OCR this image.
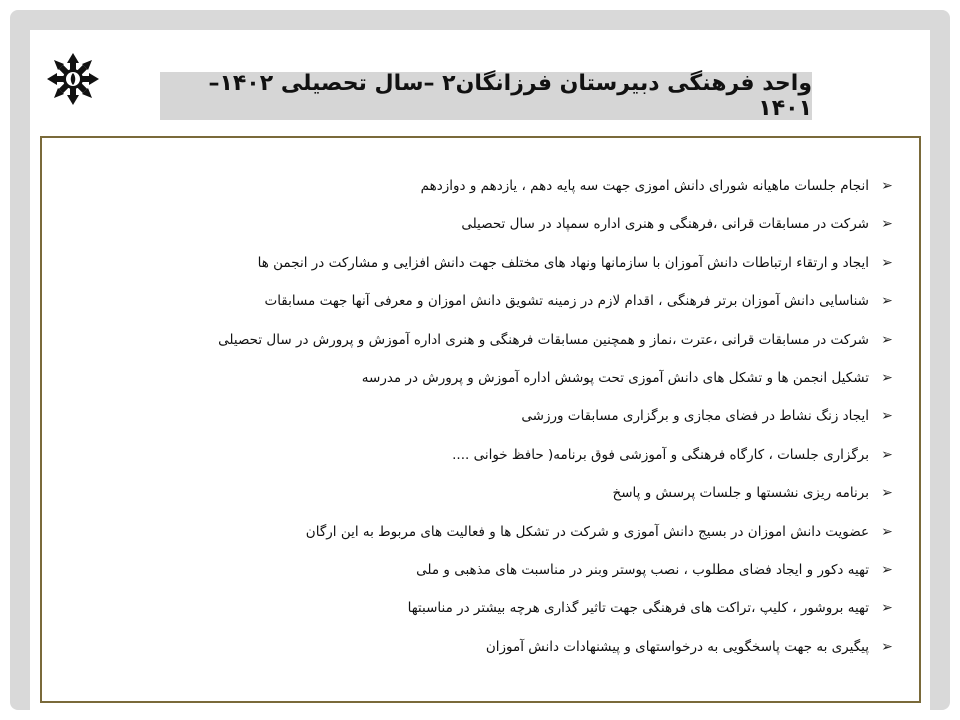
واحد فرهنگی دبیرستان فرزانگان۲ –سال تحصیلی ۱۴۰۲–۱۴۰۱
➢
انجام جلسات ماهیانه شورای دانش اموزی جهت سه پایه دهم ، یازدهم و دوازدهم
➢
شرکت در مسابقات قرانی ،فرهنگی و هنری اداره سمپاد در سال تحصیلی
➢
ایجاد و ارتقاء ارتباطات دانش آموزان با سازمانها ونهاد های مختلف جهت دانش افزایی و مشارکت در انجمن ها
➢
شناسایی دانش آموزان برتر فرهنگی ، اقدام لازم در زمینه تشویق دانش اموزان و معرفی آنها جهت مسابقات
➢
شرکت در مسابقات قرانی ،عترت ،نماز و همچنین مسابقات فرهنگی و هنری اداره آموزش و پرورش در سال تحصیلی
➢
تشکیل انجمن ها و تشکل های دانش آموزی تحت پوشش اداره آموزش و پرورش در مدرسه
➢
ایجاد زنگ نشاط در فضای مجازی و برگزاری مسابقات ورزشی
➢
برگزاری جلسات ، کارگاه فرهنگی و آموزشی فوق برنامه( حافظ خوانی ....
➢
برنامه ریزی نشستها و جلسات پرسش و پاسخ
➢
عضویت دانش اموزان در بسیج دانش آموزی و شرکت در تشکل ها و فعالیت های مربوط به این ارگان
➢
تهیه دکور و ایجاد فضای مطلوب ، نصب پوستر وبنر در مناسبت های مذهبی و ملی
➢
تهیه بروشور ، کلیپ ،تراکت های فرهنگی جهت تاثیر گذاری هرچه بیشتر در مناسبتها
➢
پیگیری به جهت پاسخگویی به درخواستهای و پیشنهادات دانش آموزان
